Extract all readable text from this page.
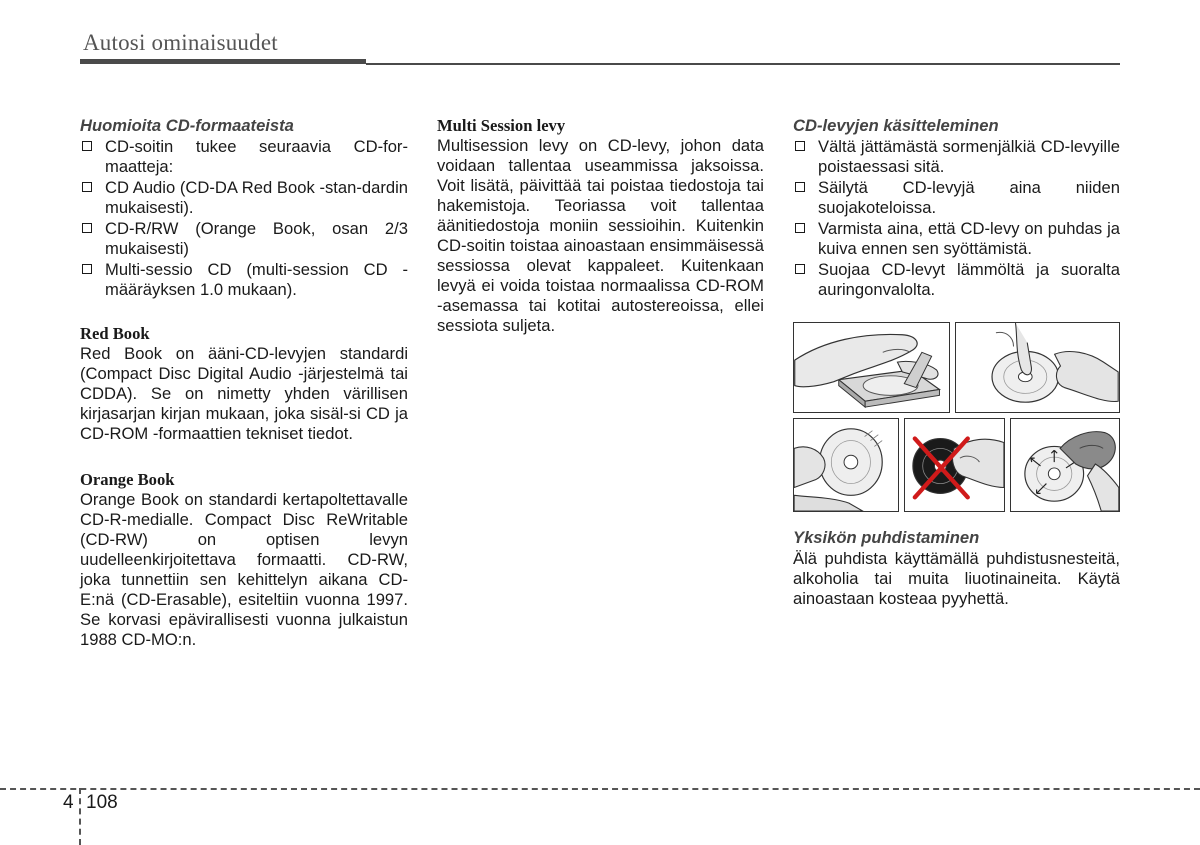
Autosi ominaisuudet

Huomioita CD-formaateista

CD-soitin tukee seuraavia CD-for-maatteja:
CD Audio (CD-DA Red Book -stan-dardin mukaisesti).
CD-R/RW (Orange Book, osan 2/3 mukaisesti)
Multi-sessio CD (multi-session CD -määräyksen 1.0 mukaan).

Red Book

Red Book on ääni-CD-levyjen standardi (Compact Disc Digital Audio -järjestelmä tai CDDA). Se on nimetty yhden värillisen kirjasarjan kirjan mukaan, joka sisäl-si CD ja CD-ROM -formaattien tekniset tiedot.

Orange Book

Orange Book on standardi kertapoltettavalle CD-R-medialle. Compact Disc ReWritable (CD-RW) on optisen levyn uudelleenkirjoitettava formaatti. CD-RW, joka tunnettiin sen kehittelyn aikana CD-E:nä (CD-Erasable), esiteltiin vuonna 1997. Se korvasi epävirallisesti vuonna julkaistun 1988 CD-MO:n.

Multi Session levy

Multisession levy on CD-levy, johon data voidaan tallentaa useammissa jaksoissa. Voit lisätä, päivittää tai poistaa tiedostoja tai hakemistoja. Teoriassa voit tallentaa äänitiedostoja moniin sessioihin. Kuitenkin CD-soitin toistaa ainoastaan ensimmäisessä sessiossa olevat kappaleet. Kuitenkaan levyä ei voida toistaa normaalissa CD-ROM -asemassa tai kotitai autostereoissa, ellei sessiota suljeta.

CD-levyjen käsitteleminen

Vältä jättämästä sormenjälkiä CD-levyille poistaessasi sitä.
Säilytä CD-levyjä aina niiden suojakoteloissa.
Varmista aina, että CD-levy on puhdas ja kuiva ennen sen syöttämistä.
Suojaa CD-levyt lämmöltä ja suoralta auringonvalolta.

Yksikön puhdistaminen

Älä puhdista käyttämällä puhdistusnesteitä, alkoholia tai muita liuotinaineita. Käytä ainoastaan kosteaa pyyhettä.

4 108
